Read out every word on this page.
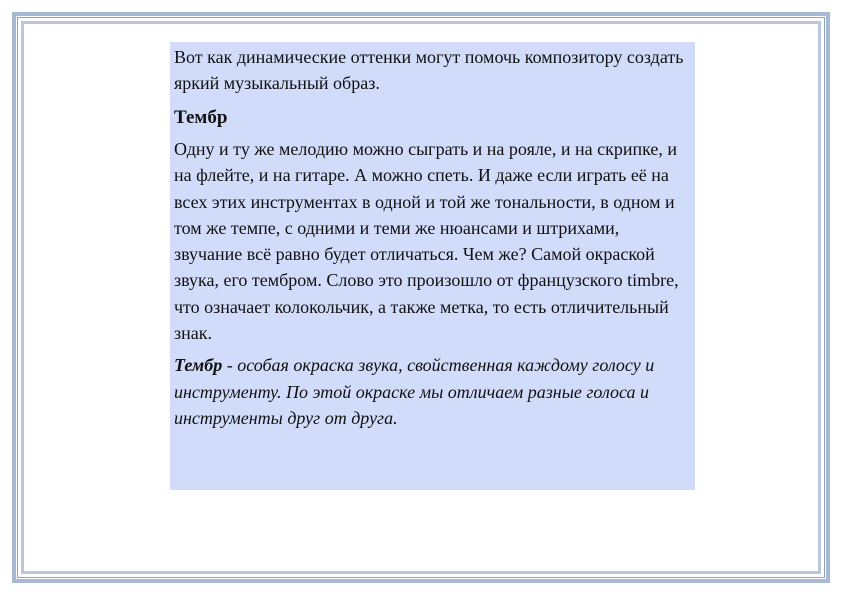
Вот как динамические оттенки могут помочь композитору создать яркий музыкальный образ.

Тембр

Одну и ту же мелодию можно сыграть и на рояле, и на скрипке, и на флейте, и на гитаре. А можно спеть. И даже если играть её на всех этих инструментах в одной и той же тональности, в одном и том же темпе, с одними и теми же нюансами и штрихами, звучание всё равно будет отличаться. Чем же? Самой окраской звука, его тембром. Слово это произошло от французского timbre, что означает колокольчик, а также метка, то есть отличительный знак.

Тембр - особая окраска звука, свойственная каждому голосу и инструменту. По этой окраске мы отличаем разные голоса и инструменты друг от друга.
